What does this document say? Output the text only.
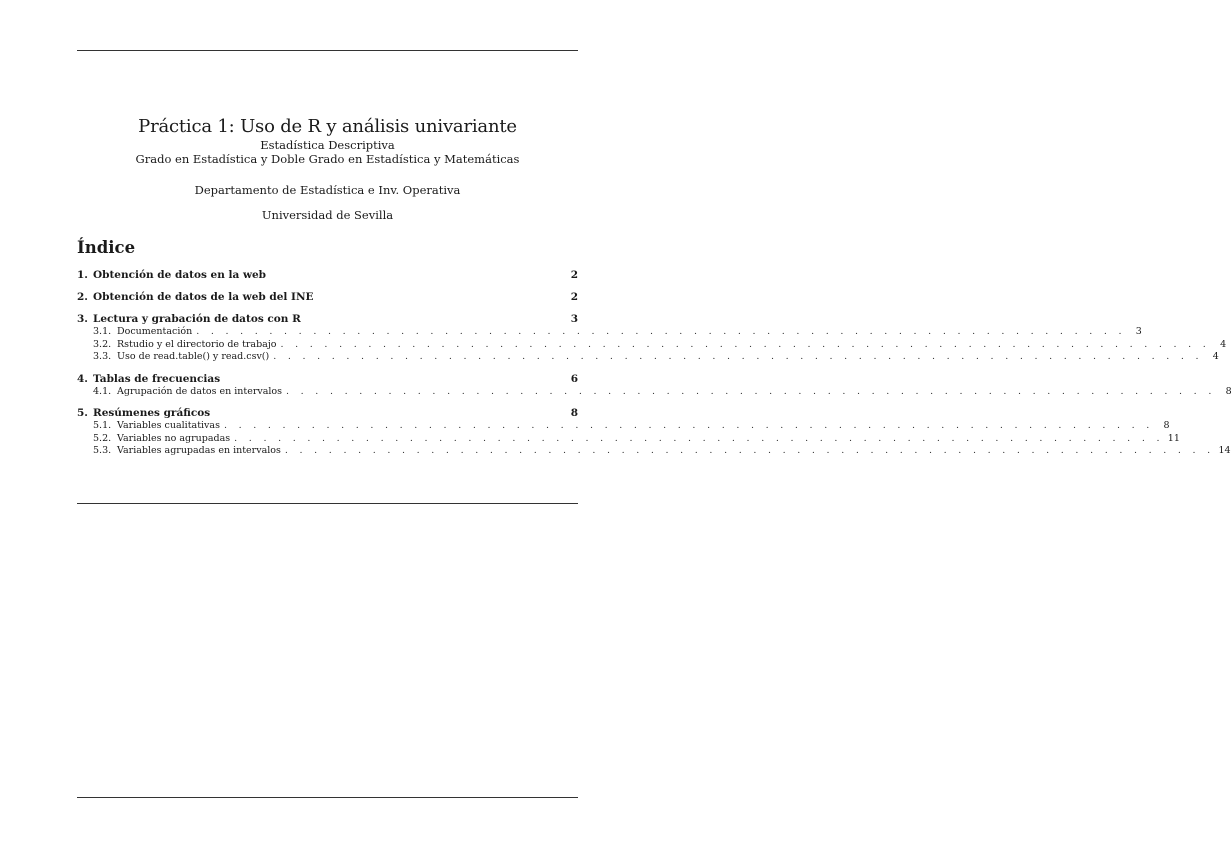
Práctica 1: Uso de R y análisis univariante
Estadística Descriptiva
Grado en Estadística y Doble Grado en Estadística y Matemáticas
Departamento de Estadística e Inv. Operativa
Universidad de Sevilla
Índice
1. Obtención de datos en la web	2
2. Obtención de datos de la web del INE	2
3. Lectura y grabación de datos con R	3
3.1. Documentación . . . . . . . . . . . . . . . . . . . . . . . . . . . . . . . . . . . . . . . . . . . . . . . . . . . . . . . . . . . . . . . .	3
3.2. Rstudio y el directorio de trabajo . . . . . . . . . . . . . . . . . . . . . . . . . . . . . . . . . . . . . . . . . . . . . . . . . . . . . . . . . . . . . . . .	4
3.3. Uso de read.table() y read.csv() . . . . . . . . . . . . . . . . . . . . . . . . . . . . . . . . . . . . . . . . . . . . . . . . . . . . . . . . . . . . . . . .	4
4. Tablas de frecuencias	6
4.1. Agrupación de datos en intervalos . . . . . . . . . . . . . . . . . . . . . . . . . . . . . . . . . . . . . . . . . . . . . . . . . . . . . . . . . . . . . . . .	8
5. Resúmenes gráficos	8
5.1. Variables cualitativas . . . . . . . . . . . . . . . . . . . . . . . . . . . . . . . . . . . . . . . . . . . . . . . . . . . . . . . . . . . . . . . .	8
5.2. Variables no agrupadas . . . . . . . . . . . . . . . . . . . . . . . . . . . . . . . . . . . . . . . . . . . . . . . . . . . . . . . . . . . . . . . . 11
5.3. Variables agrupadas en intervalos . . . . . . . . . . . . . . . . . . . . . . . . . . . . . . . . . . . . . . . . . . . . . . . . . . . . . . . . . . . . . . . . 14
